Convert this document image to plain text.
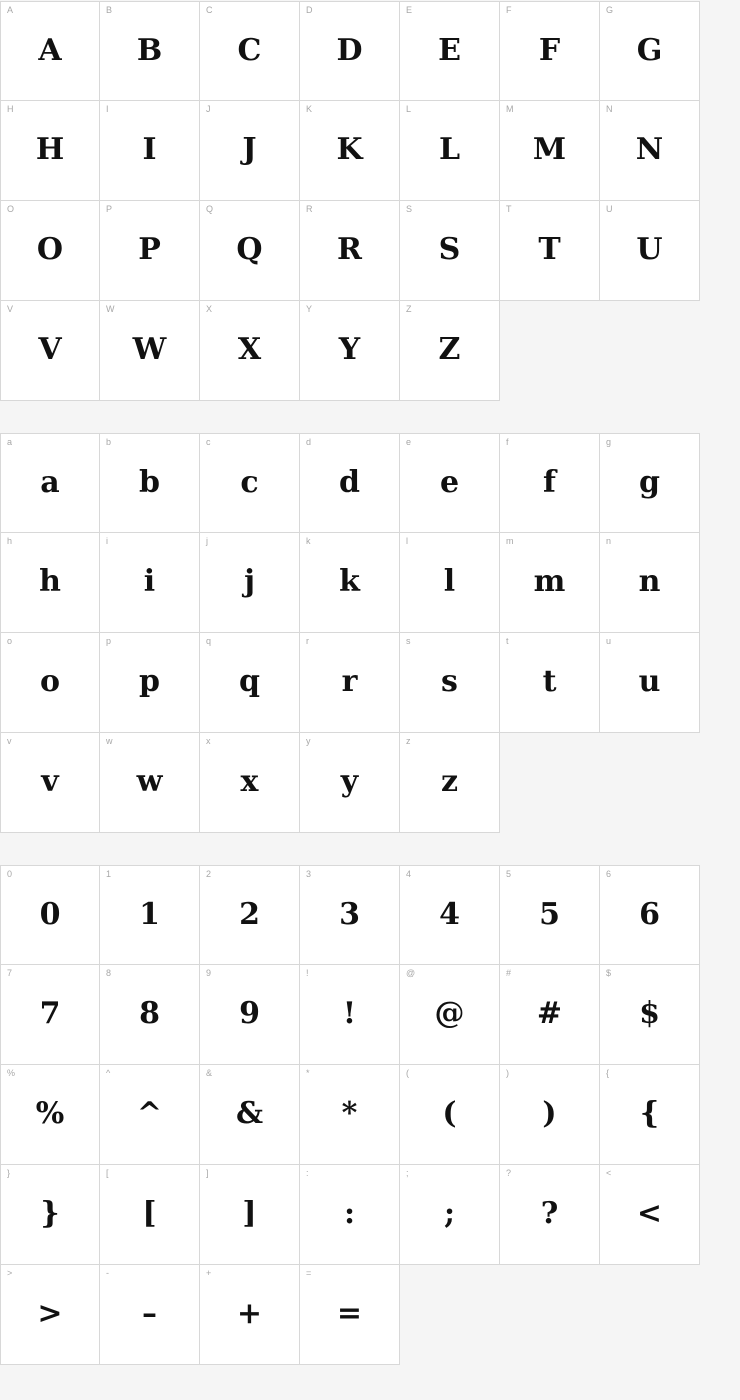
A
A
B
B
C
C
D
D
E
E
F
F
G
G
H
H
I
I
J
J
K
K
L
L
M
M
N
N
O
O
P
P
Q
Q
R
R
S
S
T
T
U
U
V
V
W
W
X
X
Y
Y
Z
Z
a
a
b
b
c
c
d
d
e
e
f
f
g
g
h
h
i
i
j
j
k
k
l
l
m
m
n
n
o
o
p
p
q
q
r
r
s
s
t
t
u
u
v
v
w
w
x
x
y
y
z
z
0
0
1
1
2
2
3
3
4
4
5
5
6
6
7
7
8
8
9
9
!
!
@
@
#
#
$
$
%
%
^
^
&
&
*
*
(
(
)
)
{
{
}
}
[
[
]
]
:
:
;
;
?
?
<
<
>
>
-
–
+
+
=
=
